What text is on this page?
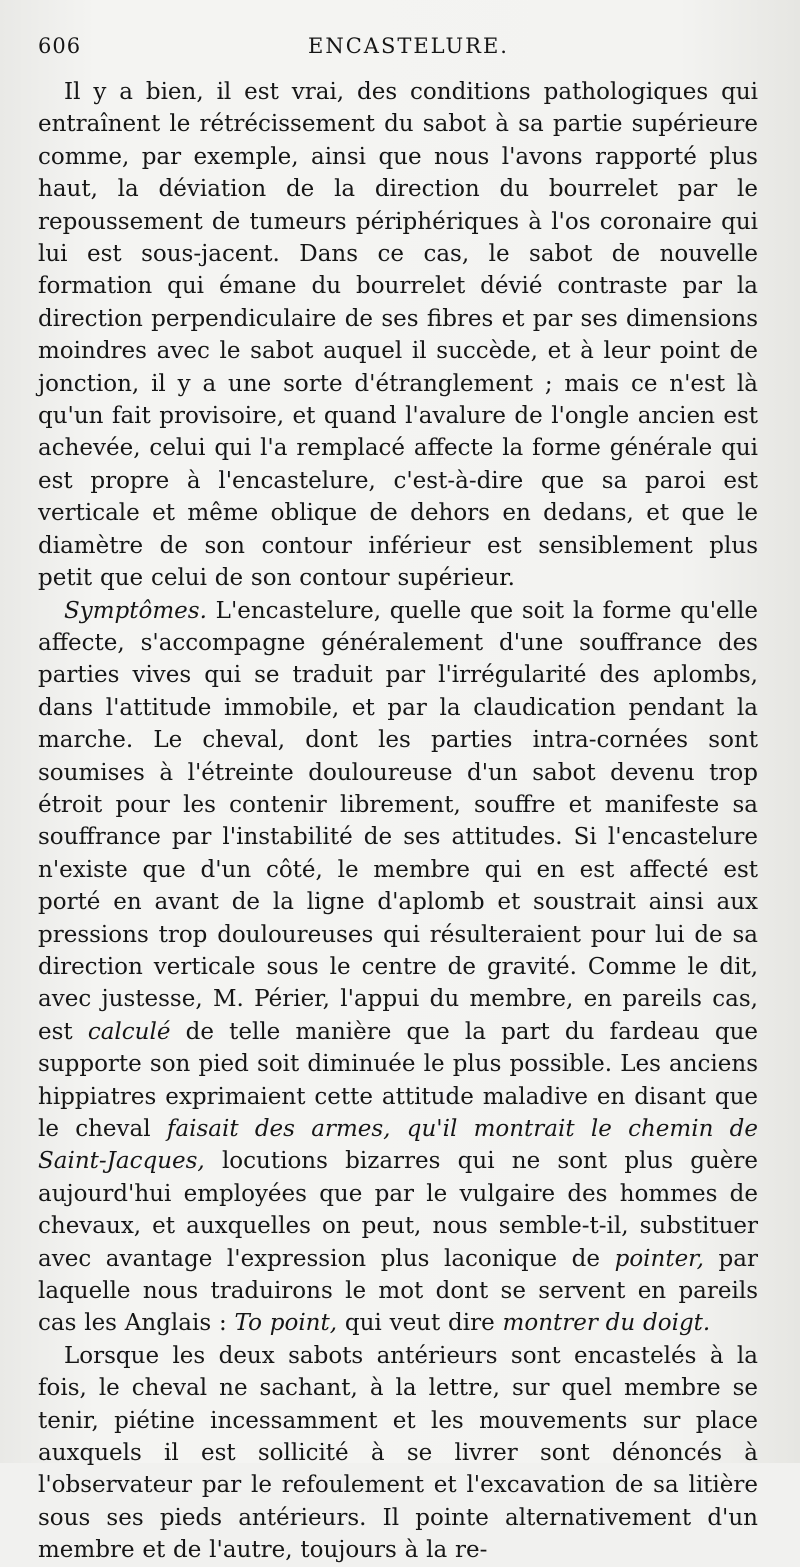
606	ENCASTELURE.

Il y a bien, il est vrai, des conditions pathologiques qui entraînent le rétrécissement du sabot à sa partie supérieure comme, par exemple, ainsi que nous l'avons rapporté plus haut, la déviation de la direction du bourrelet par le repoussement de tumeurs périphériques à l'os coronaire qui lui est sous-jacent. Dans ce cas, le sabot de nouvelle formation qui émane du bourrelet dévié contraste par la direction perpendiculaire de ses fibres et par ses dimensions moindres avec le sabot auquel il succède, et à leur point de jonction, il y a une sorte d'étranglement ; mais ce n'est là qu'un fait provisoire, et quand l'avalure de l'ongle ancien est achevée, celui qui l'a remplacé affecte la forme générale qui est propre à l'encastelure, c'est-à-dire que sa paroi est verticale et même oblique de dehors en dedans, et que le diamètre de son contour inférieur est sensiblement plus petit que celui de son contour supérieur.

Symptômes. L'encastelure, quelle que soit la forme qu'elle affecte, s'accompagne généralement d'une souffrance des parties vives qui se traduit par l'irrégularité des aplombs, dans l'attitude immobile, et par la claudication pendant la marche. Le cheval, dont les parties intra-cornées sont soumises à l'étreinte douloureuse d'un sabot devenu trop étroit pour les contenir librement, souffre et manifeste sa souffrance par l'instabilité de ses attitudes. Si l'encastelure n'existe que d'un côté, le membre qui en est affecté est porté en avant de la ligne d'aplomb et soustrait ainsi aux pressions trop douloureuses qui résulteraient pour lui de sa direction verticale sous le centre de gravité. Comme le dit, avec justesse, M. Périer, l'appui du membre, en pareils cas, est calculé de telle manière que la part du fardeau que supporte son pied soit diminuée le plus possible. Les anciens hippiatres exprimaient cette attitude maladive en disant que le cheval faisait des armes, qu'il montrait le chemin de Saint-Jacques, locutions bizarres qui ne sont plus guère aujourd'hui employées que par le vulgaire des hommes de chevaux, et auxquelles on peut, nous semble-t-il, substituer avec avantage l'expression plus laconique de pointer, par laquelle nous traduirons le mot dont se servent en pareils cas les Anglais : To point, qui veut dire montrer du doigt.

Lorsque les deux sabots antérieurs sont encastelés à la fois, le cheval ne sachant, à la lettre, sur quel membre se tenir, piétine incessamment et les mouvements sur place auxquels il est sollicité à se livrer sont dénoncés à l'observateur par le refoulement et l'excavation de sa litière sous ses pieds antérieurs. Il pointe alternativement d'un membre et de l'autre, toujours à la re-
